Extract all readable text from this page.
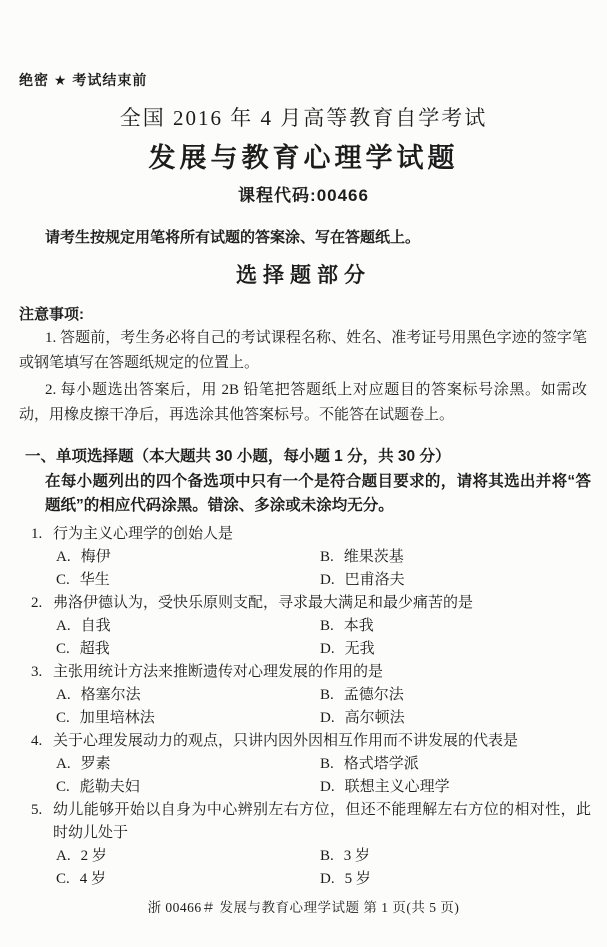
绝密 ★ 考试结束前
全国 2016 年 4 月高等教育自学考试
发展与教育心理学试题
课程代码:00466
请考生按规定用笔将所有试题的答案涂、写在答题纸上。
选择题部分
注意事项:

1. 答题前，考生务必将自己的考试课程名称、姓名、准考证号用黑色字迹的签字笔或钢笔填写在答题纸规定的位置上。

2. 每小题选出答案后，用 2B 铅笔把答题纸上对应题目的答案标号涂黑。如需改动，用橡皮擦干净后，再选涂其他答案标号。不能答在试题卷上。

一、单项选择题（本大题共 30 小题，每小题 1 分，共 30 分）
在每小题列出的四个备选项中只有一个是符合题目要求的，请将其选出并将“答题纸”的相应代码涂黑。错涂、多涂或未涂均无分。
1. 行为主义心理学的创始人是
A. 梅伊	B. 维果茨基
C. 华生	D. 巴甫洛夫
2. 弗洛伊德认为，受快乐原则支配，寻求最大满足和最少痛苦的是
A. 自我	B. 本我
C. 超我	D. 无我
3. 主张用统计方法来推断遗传对心理发展的作用的是
A. 格塞尔法	B. 孟德尔法
C. 加里培林法	D. 高尔顿法
4. 关于心理发展动力的观点，只讲内因外因相互作用而不讲发展的代表是
A. 罗素	B. 格式塔学派
C. 彪勒夫妇	D. 联想主义心理学
5. 幼儿能够开始以自身为中心辨别左右方位，但还不能理解左右方位的相对性，此时幼儿处于
A. 2 岁	B. 3 岁
C. 4 岁	D. 5 岁
浙 00466＃ 发展与教育心理学试题 第 1 页(共 5 页)
